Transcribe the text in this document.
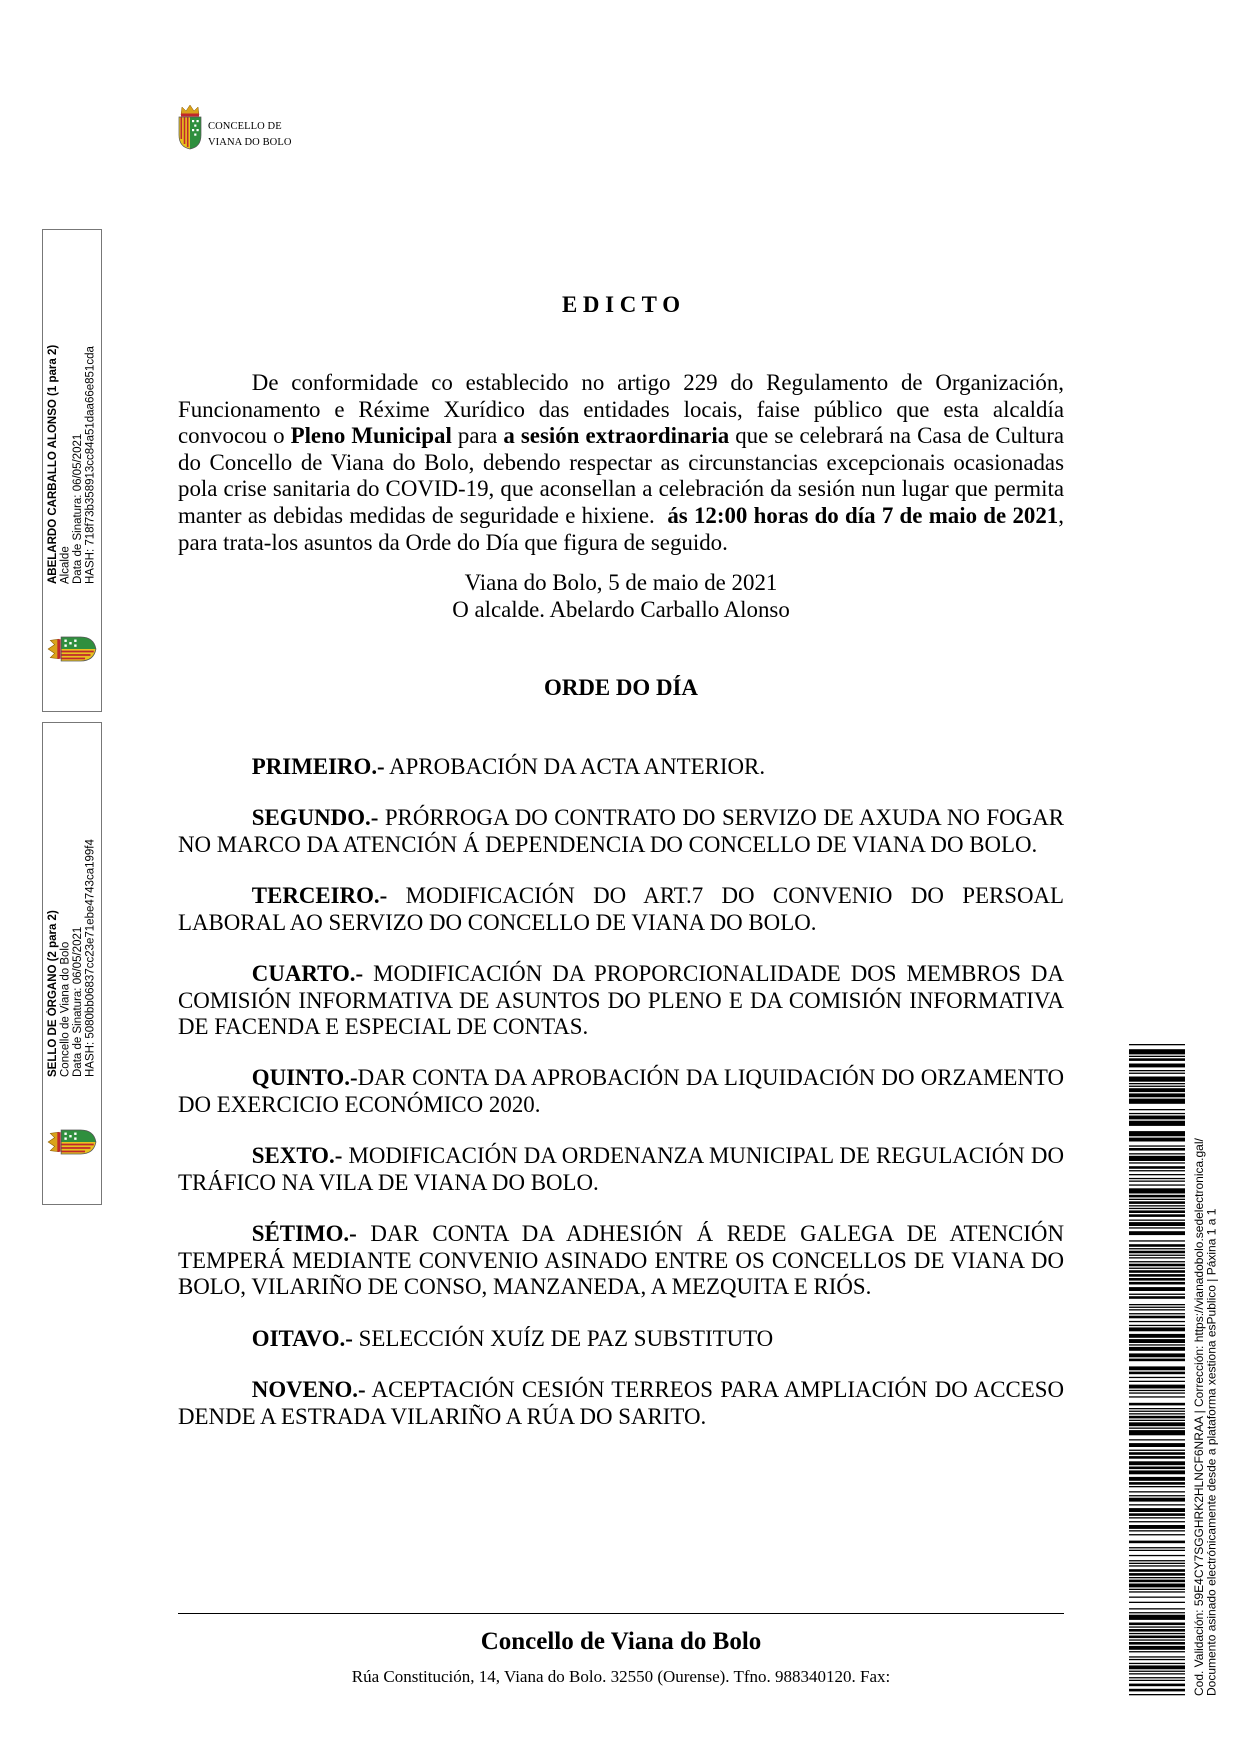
CONCELLO DE
VIANA DO BOLO
ABELARDO CARBALLO ALONSO (1 para 2) Alcalde Data de Sinatura: 06/05/2021 HASH: 718f73b358913cc84a51daa66e851cda
SELLO DE ÓRGANO (2 para 2) Concello de Viana do Bolo Data de Sinatura: 06/05/2021 HASH: 5080bb06837cc23e71ebe4743ca199f4
E D I C T O

De conformidade co establecido no artigo 229 do Regulamento de Organización, Funcionamento e Réxime Xurídico das entidades locais, faise público que esta alcaldía convocou o Pleno Municipal para a sesión extraordinaria que se celebrará na Casa de Cultura do Concello de Viana do Bolo, debendo respectar as circunstancias excepcionais ocasionadas pola crise sanitaria do COVID-19, que aconsellan a celebración da sesión nun lugar que permita manter as debidas medidas de seguridade e hixiene.  ás 12:00 horas do día 7 de maio de 2021, para trata-los asuntos da Orde do Día que figura de seguido.

Viana do Bolo, 5 de maio de 2021
O alcalde. Abelardo Carballo Alonso
ORDE DO DÍA

PRIMEIRO.- APROBACIÓN DA ACTA ANTERIOR.

SEGUNDO.- PRÓRROGA DO CONTRATO DO SERVIZO DE AXUDA NO FOGAR NO MARCO DA ATENCIÓN Á DEPENDENCIA DO CONCELLO DE VIANA DO BOLO.

TERCEIRO.- MODIFICACIÓN DO ART.7 DO CONVENIO DO PERSOAL LABORAL AO SERVIZO DO CONCELLO DE VIANA DO BOLO.

CUARTO.- MODIFICACIÓN DA PROPORCIONALIDADE DOS MEMBROS DA COMISIÓN INFORMATIVA DE ASUNTOS DO PLENO E DA COMISIÓN INFORMATIVA DE FACENDA E ESPECIAL DE CONTAS.

QUINTO.-DAR CONTA DA APROBACIÓN DA LIQUIDACIÓN DO ORZAMENTO DO EXERCICIO ECONÓMICO 2020.

SEXTO.- MODIFICACIÓN DA ORDENANZA MUNICIPAL DE REGULACIÓN DO TRÁFICO NA VILA DE VIANA DO BOLO.

SÉTIMO.- DAR CONTA DA ADHESIÓN Á REDE GALEGA DE ATENCIÓN TEMPERÁ MEDIANTE CONVENIO ASINADO ENTRE OS CONCELLOS DE VIANA DO BOLO, VILARIÑO DE CONSO, MANZANEDA, A MEZQUITA E RIÓS.

OITAVO.- SELECCIÓN XUÍZ DE PAZ SUBSTITUTO

NOVENO.- ACEPTACIÓN CESIÓN TERREOS PARA AMPLIACIÓN DO ACCESO DENDE A ESTRADA VILARIÑO A RÚA DO SARITO.

Concello de Viana do Bolo
Rúa Constitución, 14, Viana do Bolo. 32550 (Ourense). Tfno. 988340120. Fax:	Cod. Validación: 59E4CY7SGGHRK2HLNCF6NRAA | Corrección: https://vianadobolo.sedelectronica.gal/
Documento asinado electrónicamente desde a plataforma xestiona esPublico | Páxina 1 a 1
